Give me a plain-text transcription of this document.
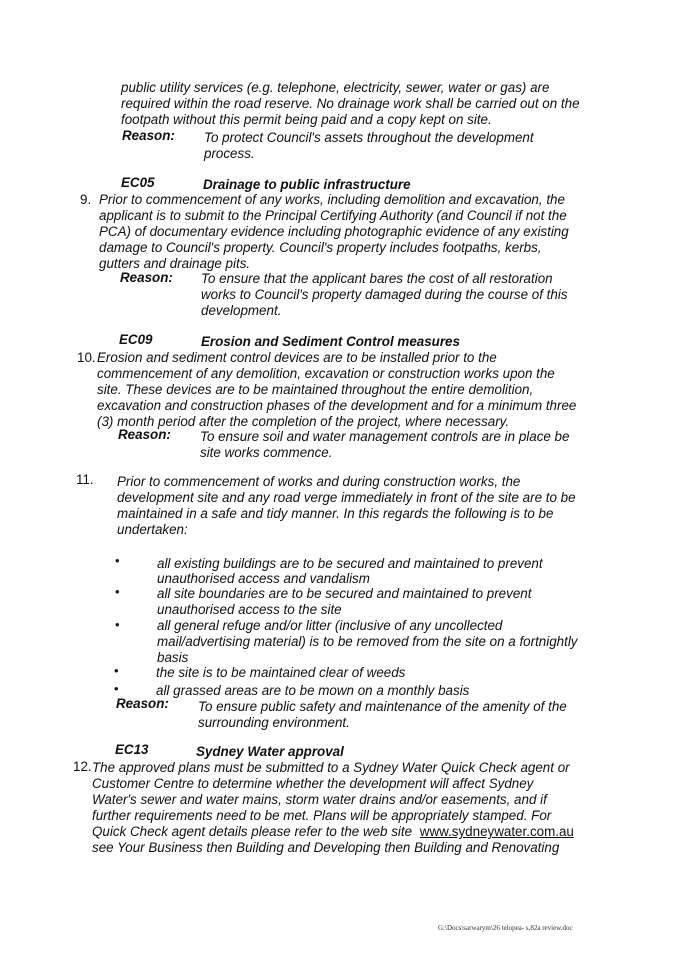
public utility services (e.g. telephone, electricity, sewer, water or gas) are
required within the road reserve. No drainage work shall be carried out on the
footpath without this permit being paid and a copy kept on site.
Reason: To protect Council's assets throughout the development
process.
EC05	Drainage to public infrastructure
9. Prior to commencement of any works, including demolition and excavation, the
applicant is to submit to the Principal Certifying Authority (and Council if not the
PCA) of documentary evidence including photographic evidence of any existing
damage to Council's property. Council's property includes footpaths, kerbs,
gutters and drainage pits.
Reason: To ensure that the applicant bares the cost of all restoration
works to Council's property damaged during the course of this
development.
EC09	Erosion and Sediment Control measures
10. Erosion and sediment control devices are to be installed prior to the
commencement of any demolition, excavation or construction works upon the
site. These devices are to be maintained throughout the entire demolition,
excavation and construction phases of the development and for a minimum three
(3) month period after the completion of the project, where necessary.
Reason: To ensure soil and water management controls are in place be
site works commence.
11. Prior to commencement of works and during construction works, the
development site and any road verge immediately in front of the site are to be
maintained in a safe and tidy manner. In this regards the following is to be
undertaken:
•	all existing buildings are to be secured and maintained to prevent
unauthorised access and vandalism
•	all site boundaries are to be secured and maintained to prevent
unauthorised access to the site
•	all general refuge and/or litter (inclusive of any uncollected
mail/advertising material) is to be removed from the site on a fortnightly
basis
•	the site is to be maintained clear of weeds
•	all grassed areas are to be mown on a monthly basis
Reason: To ensure public safety and maintenance of the amenity of the
surrounding environment.
EC13	Sydney Water approval
12. The approved plans must be submitted to a Sydney Water Quick Check agent or
Customer Centre to determine whether the development will affect Sydney
Water's sewer and water mains, storm water drains and/or easements, and if
further requirements need to be met. Plans will be appropriately stamped. For
Quick Check agent details please refer to the web site www.sydneywater.com.au
see Your Business then Building and Developing then Building and Renovating
G:\Docs\sarwarym\26 telopea- s,82a review.doc
